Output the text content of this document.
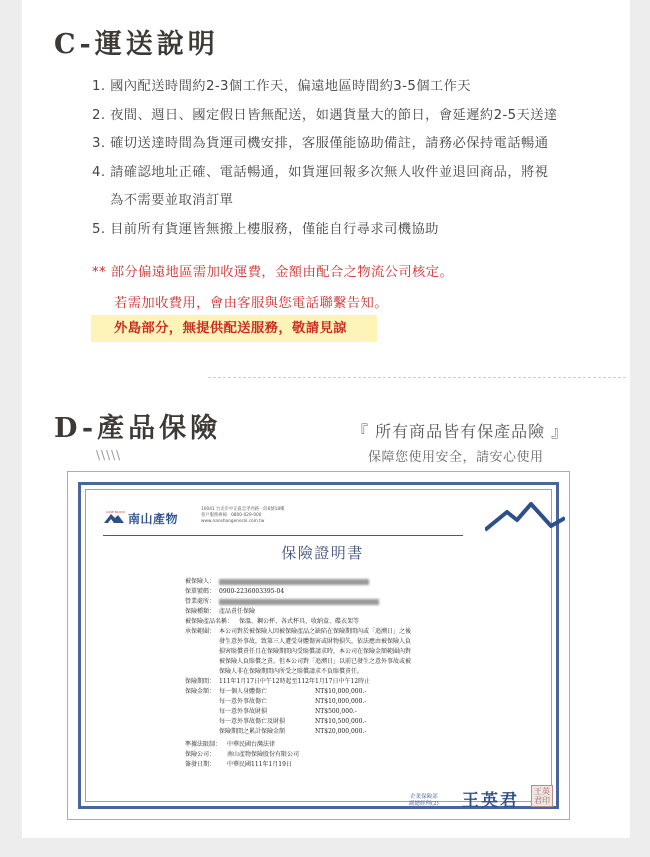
C-運送說明
1. 國內配送時間約2-3個工作天，偏遠地區時間約3-5個工作天
2. 夜間、週日、國定假日皆無配送，如遇貨量大的節日，會延遲約2-5天送達
3. 確切送達時間為貨運司機安排，客服僅能協助備註，請務必保持電話暢通
4. 請確認地址正確、電話暢通，如貨運回報多次無人收件並退回商品，將視
為不需要並取消訂單
5. 目前所有貨運皆無搬上樓服務，僅能自行尋求司機協助
** 部分偏遠地區需加收運費，金額由配合之物流公司核定。
若需加收費用，會由客服與您電話聯繫告知。
外島部分，無提供配送服務，敬請見諒
D-產品保險
\\\\\
『 所有商品皆有保產品險 』
保障您使用安全，請安心使用
CASE BLOCK 南山產物
10041 台北市中正區忠孝西路一段6號18樓
客戶服務專線：0800-029-000
www.nanshangeneral.com.tw
保險證明書
被保險人：
保單號碼： 0900-2236003395-04
營業處所：
保險種類： 產品責任保險
被保險產品名稱： 保溫、鋼公杯、各式杯具、收納盒、碟衣架等
承保範圍： 本公司對於被保險人因被保險產品之缺陷在保險期間內或「追溯日」之後
發生意外事故，致第三人遭受身體傷害或財物損失，依法應由被保險人負
損害賠償責任且在保險期間內受賠償請求時，本公司在保險金額範圍內對
被保險人負賠償之責。但本公司對「追溯日」以前已發生之意外事故或被
保險人非在保險期間內所受之賠償請求不負賠償責任。
保險期間： 111年1月17日中午12時起至112年1月17日中午12時止
保險金額： 每一個人身體傷亡	NT$10,000,000.-
每一意外事故傷亡	NT$10,000,000.-
每一意外事故財損	NT$500,000.-
每一意外事故傷亡及財損	NT$10,500,000.-
保險期間之累計保險金額	NT$20,000,000.-
準據法限制： 中華民國台灣法律
保險公司：	南山產物保險股份有限公司
簽發日期：	中華民國111年1月19日
企業保險部
副總經理(2) 王英君	王英君印
